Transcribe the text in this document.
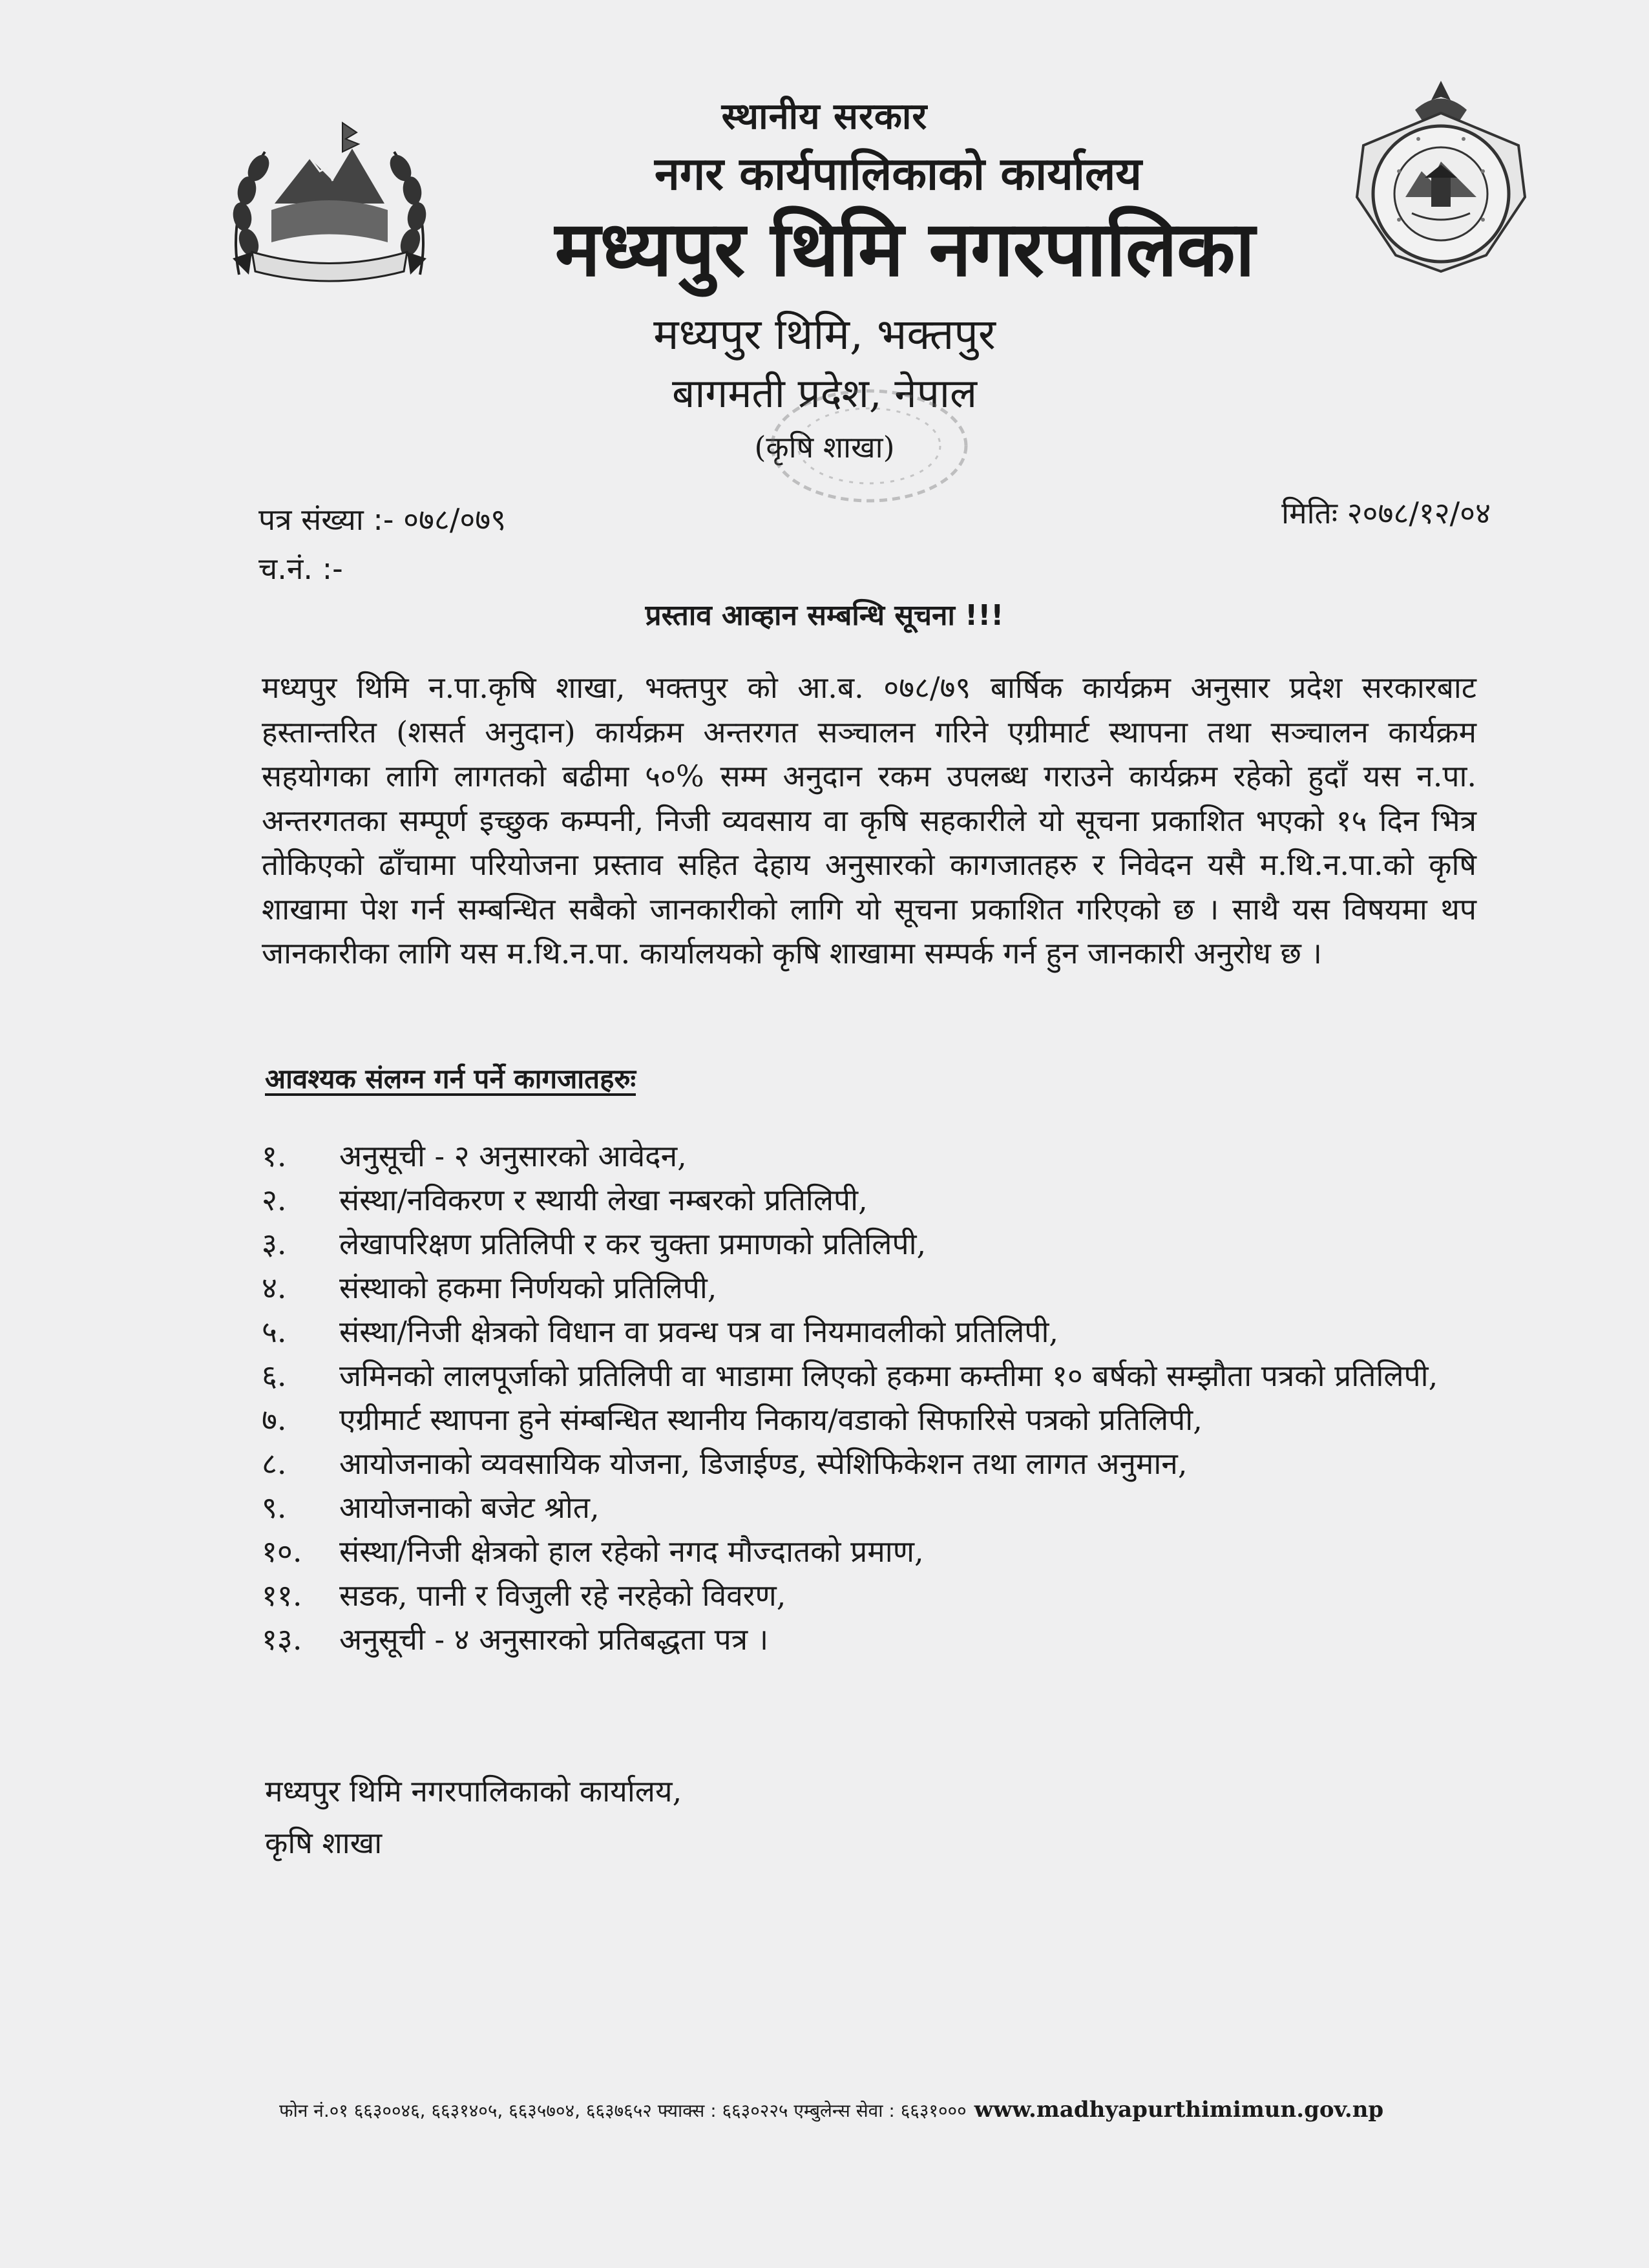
स्थानीय सरकार
नगर कार्यपालिकाको कार्यालय
मध्यपुर थिमि नगरपालिका
मध्यपुर थिमि, भक्तपुर
बागमती प्रदेश, नेपाल
(कृषि शाखा)
पत्र संख्या :- ०७८/०७९
च.नं. :-
मितिः २०७८/१२/०४
प्रस्ताव आव्हान सम्बन्धि सूचना !!!
मध्यपुर थिमि न.पा.कृषि शाखा, भक्तपुर को आ.ब. ०७८/७९ बार्षिक कार्यक्रम अनुसार प्रदेश सरकारबाट हस्तान्तरित (शसर्त अनुदान) कार्यक्रम अन्तरगत सञ्चालन गरिने एग्रीमार्ट स्थापना तथा सञ्चालन कार्यक्रम सहयोगका लागि लागतको बढीमा ५०% सम्म अनुदान रकम उपलब्ध गराउने कार्यक्रम रहेको हुदाँ यस न.पा. अन्तरगतका सम्पूर्ण इच्छुक कम्पनी, निजी व्यवसाय वा कृषि सहकारीले यो सूचना प्रकाशित भएको १५ दिन भित्र तोकिएको ढाँचामा परियोजना प्रस्ताव सहित देहाय अनुसारको कागजातहरु र निवेदन यसै म.थि.न.पा.को कृषि शाखामा पेश गर्न सम्बन्धित सबैको जानकारीको लागि यो सूचना प्रकाशित गरिएको छ । साथै यस विषयमा थप जानकारीका लागि यस म.थि.न.पा. कार्यालयको कृषि शाखामा सम्पर्क गर्न हुन जानकारी अनुरोध छ ।
आवश्यक संलग्न गर्न पर्ने कागजातहरुः
१. अनुसूची - २ अनुसारको आवेदन,
२. संस्था/नविकरण र स्थायी लेखा नम्बरको प्रतिलिपी,
३. लेखापरिक्षण प्रतिलिपी र कर चुक्ता प्रमाणको प्रतिलिपी,
४. संस्थाको हकमा निर्णयको प्रतिलिपी,
५. संस्था/निजी क्षेत्रको विधान वा प्रवन्ध पत्र वा नियमावलीको प्रतिलिपी,
६. जमिनको लालपूर्जाको प्रतिलिपी वा भाडामा लिएको हकमा कम्तीमा १० बर्षको सम्झौता पत्रको प्रतिलिपी,
७. एग्रीमार्ट स्थापना हुने संम्बन्धित स्थानीय निकाय/वडाको सिफारिसे पत्रको प्रतिलिपी,
८. आयोजनाको व्यवसायिक योजना, डिजाईण्ड, स्पेशिफिकेशन तथा लागत अनुमान,
९. आयोजनाको बजेट श्रोत,
१०. संस्था/निजी क्षेत्रको हाल रहेको नगद मौज्दातको प्रमाण,
११. सडक, पानी र विजुली रहे नरहेको विवरण,
१३. अनुसूची - ४ अनुसारको प्रतिबद्धता पत्र ।
मध्यपुर थिमि नगरपालिकाको कार्यालय,
कृषि शाखा
फोन नं.०१ ६६३००४६, ६६३१४०५, ६६३५७०४, ६६३७६५२ फ्याक्स : ६६३०२२५ एम्बुलेन्स सेवा : ६६३१००० www.madhyapurthimimun.gov.np
